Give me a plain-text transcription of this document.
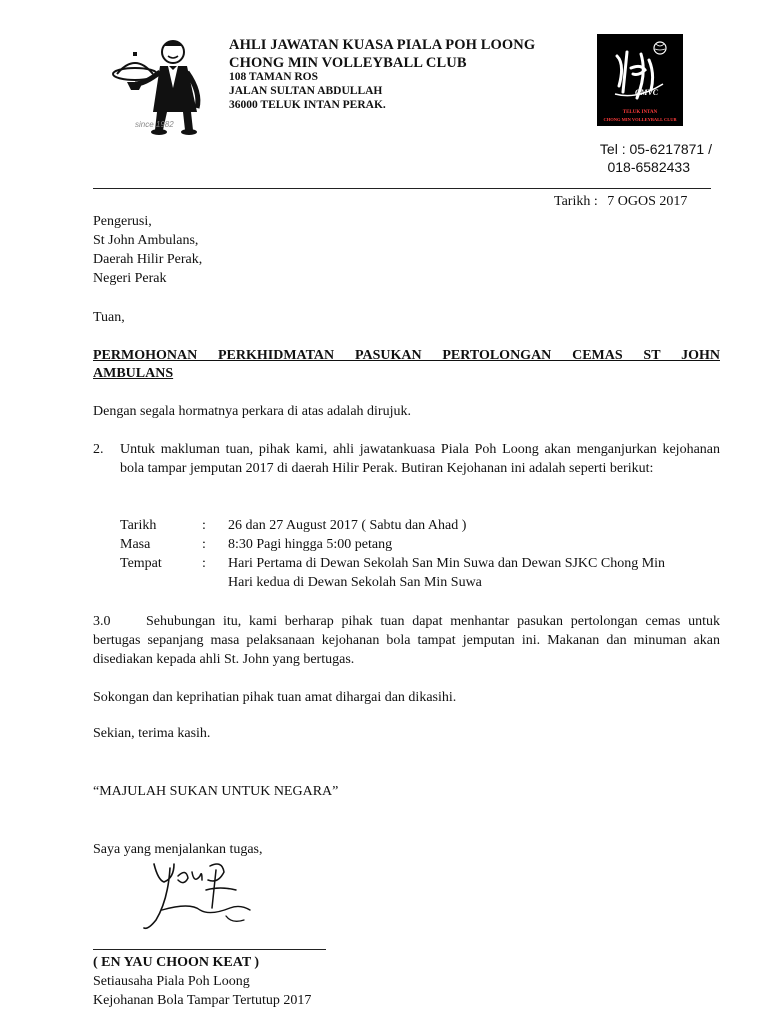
since 1982
AHLI JAWATAN KUASA PIALA POH LOONG
CHONG MIN VOLLEYBALL CLUB
108 TAMAN ROS
JALAN SULTAN ABDULLAH
36000 TELUK INTAN PERAK.
CMVC
TELUK INTAN
CHONG MIN VOLLEYBALL CLUB
Tel : 05-6217871 /
018-6582433
Tarikh : 7 OGOS 2017
Pengerusi,
St John Ambulans,
Daerah Hilir Perak,
Negeri Perak
Tuan,
PERMOHONAN PERKHIDMATAN PASUKAN PERTOLONGAN CEMAS ST JOHN
AMBULANS
Dengan segala hormatnya perkara di atas adalah dirujuk.
2. Untuk makluman tuan, pihak kami, ahli jawatankuasa Piala Poh Loong akan menganjurkan kejohanan bola tampar jemputan 2017 di daerah Hilir Perak. Butiran Kejohanan ini adalah seperti berikut:
Tarikh	: 26 dan 27 August 2017 ( Sabtu dan Ahad )
Masa	: 8:30 Pagi hingga 5:00 petang
Tempat	: Hari Pertama di Dewan Sekolah San Min Suwa dan Dewan SJKC Chong Min
Hari kedua di Dewan Sekolah San Min Suwa
3.0	Sehubungan itu, kami berharap pihak tuan dapat menhantar pasukan pertolongan cemas untuk bertugas sepanjang masa pelaksanaan kejohanan bola tampat jemputan ini. Makanan dan minuman akan disediakan kepada ahli St. John yang bertugas.
Sokongan dan keprihatian pihak tuan amat dihargai dan dikasihi.
Sekian, terima kasih.
“MAJULAH SUKAN UNTUK NEGARA”
Saya yang menjalankan tugas,
( EN YAU CHOON KEAT )
Setiausaha Piala Poh Loong
Kejohanan Bola Tampar Tertutup 2017
